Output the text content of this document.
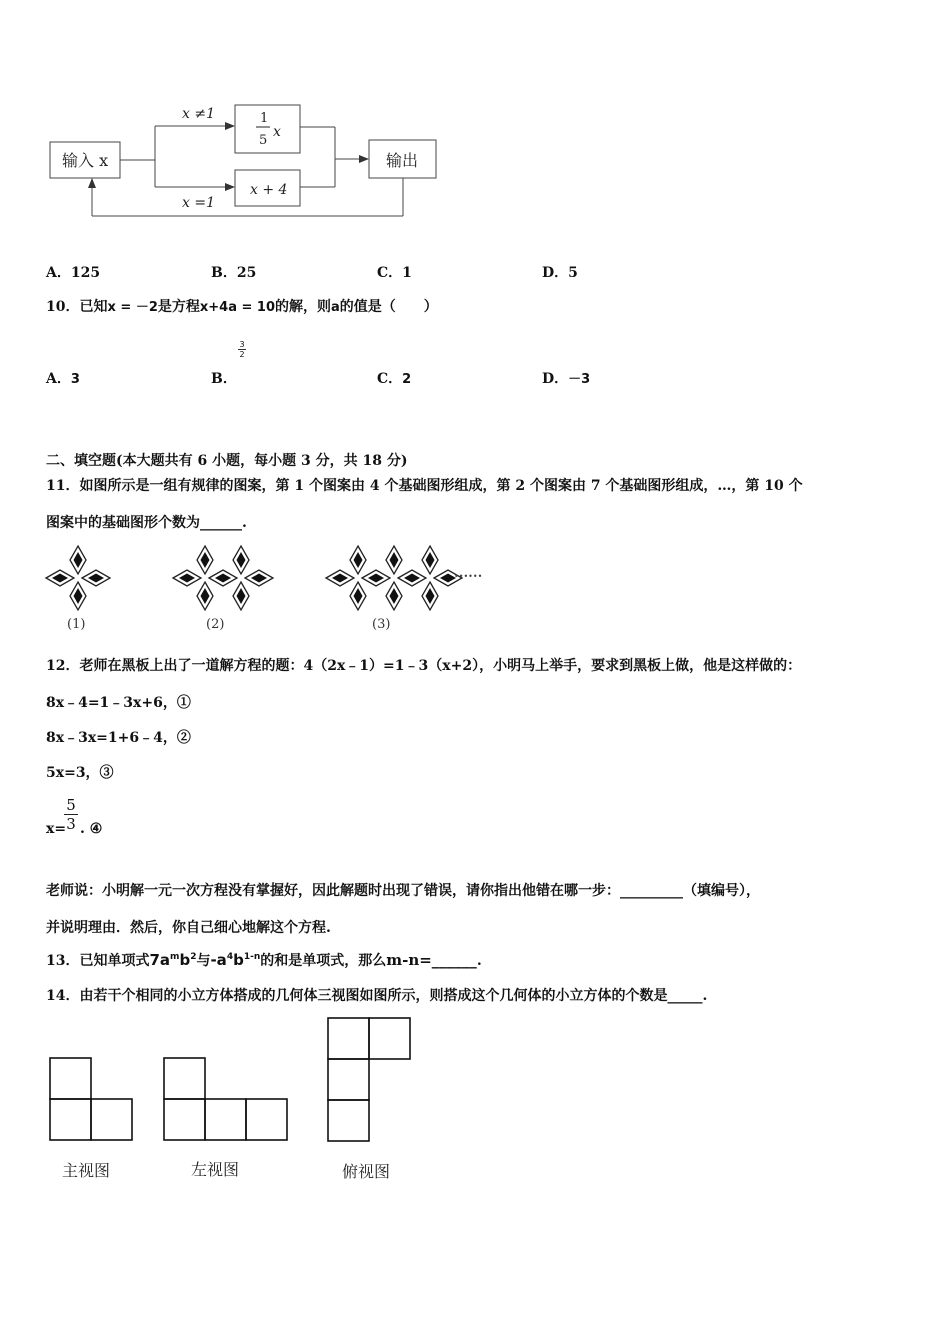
输入 x
x ≠1
x =1
1
5
x
x + 4
输出
A．125	B．25	C．1	D．5
10．已知x = －2是方程x+4a = 10的解，则a的值是（　　）
A．3	B．
3
2
C．2	D．－3
二、填空题(本大题共有 6 小题，每小题 3 分，共 18 分)
11．如图所示是一组有规律的图案，第 1 个图案由 4 个基础图形组成，第 2 个图案由 7 个基础图形组成，…，第 10 个
图案中的基础图形个数为______.
••••••
(1)	(2)	(3)
12．老师在黑板上出了一道解方程的题：4（2x﹣1）=1﹣3（x+2），小明马上举手，要求到黑板上做，他是这样做的：
8x﹣4=1﹣3x+6，①
8x﹣3x=1+6﹣4，②
5x=3，③
x=
5
3 . ④
老师说：小明解一元一次方程没有掌握好，因此解题时出现了错误，请你指出他错在哪一步：_________（填编号），
并说明理由．然后，你自己细心地解这个方程.
13．已知单项式$7a^mb^2$与$-a^4b^{1-n}$的和是单项式，那么m-n=______.
14．由若干个相同的小立方体搭成的几何体三视图如图所示，则搭成这个几何体的小立方体的个数是_____.
主视图	左视图	俯视图
